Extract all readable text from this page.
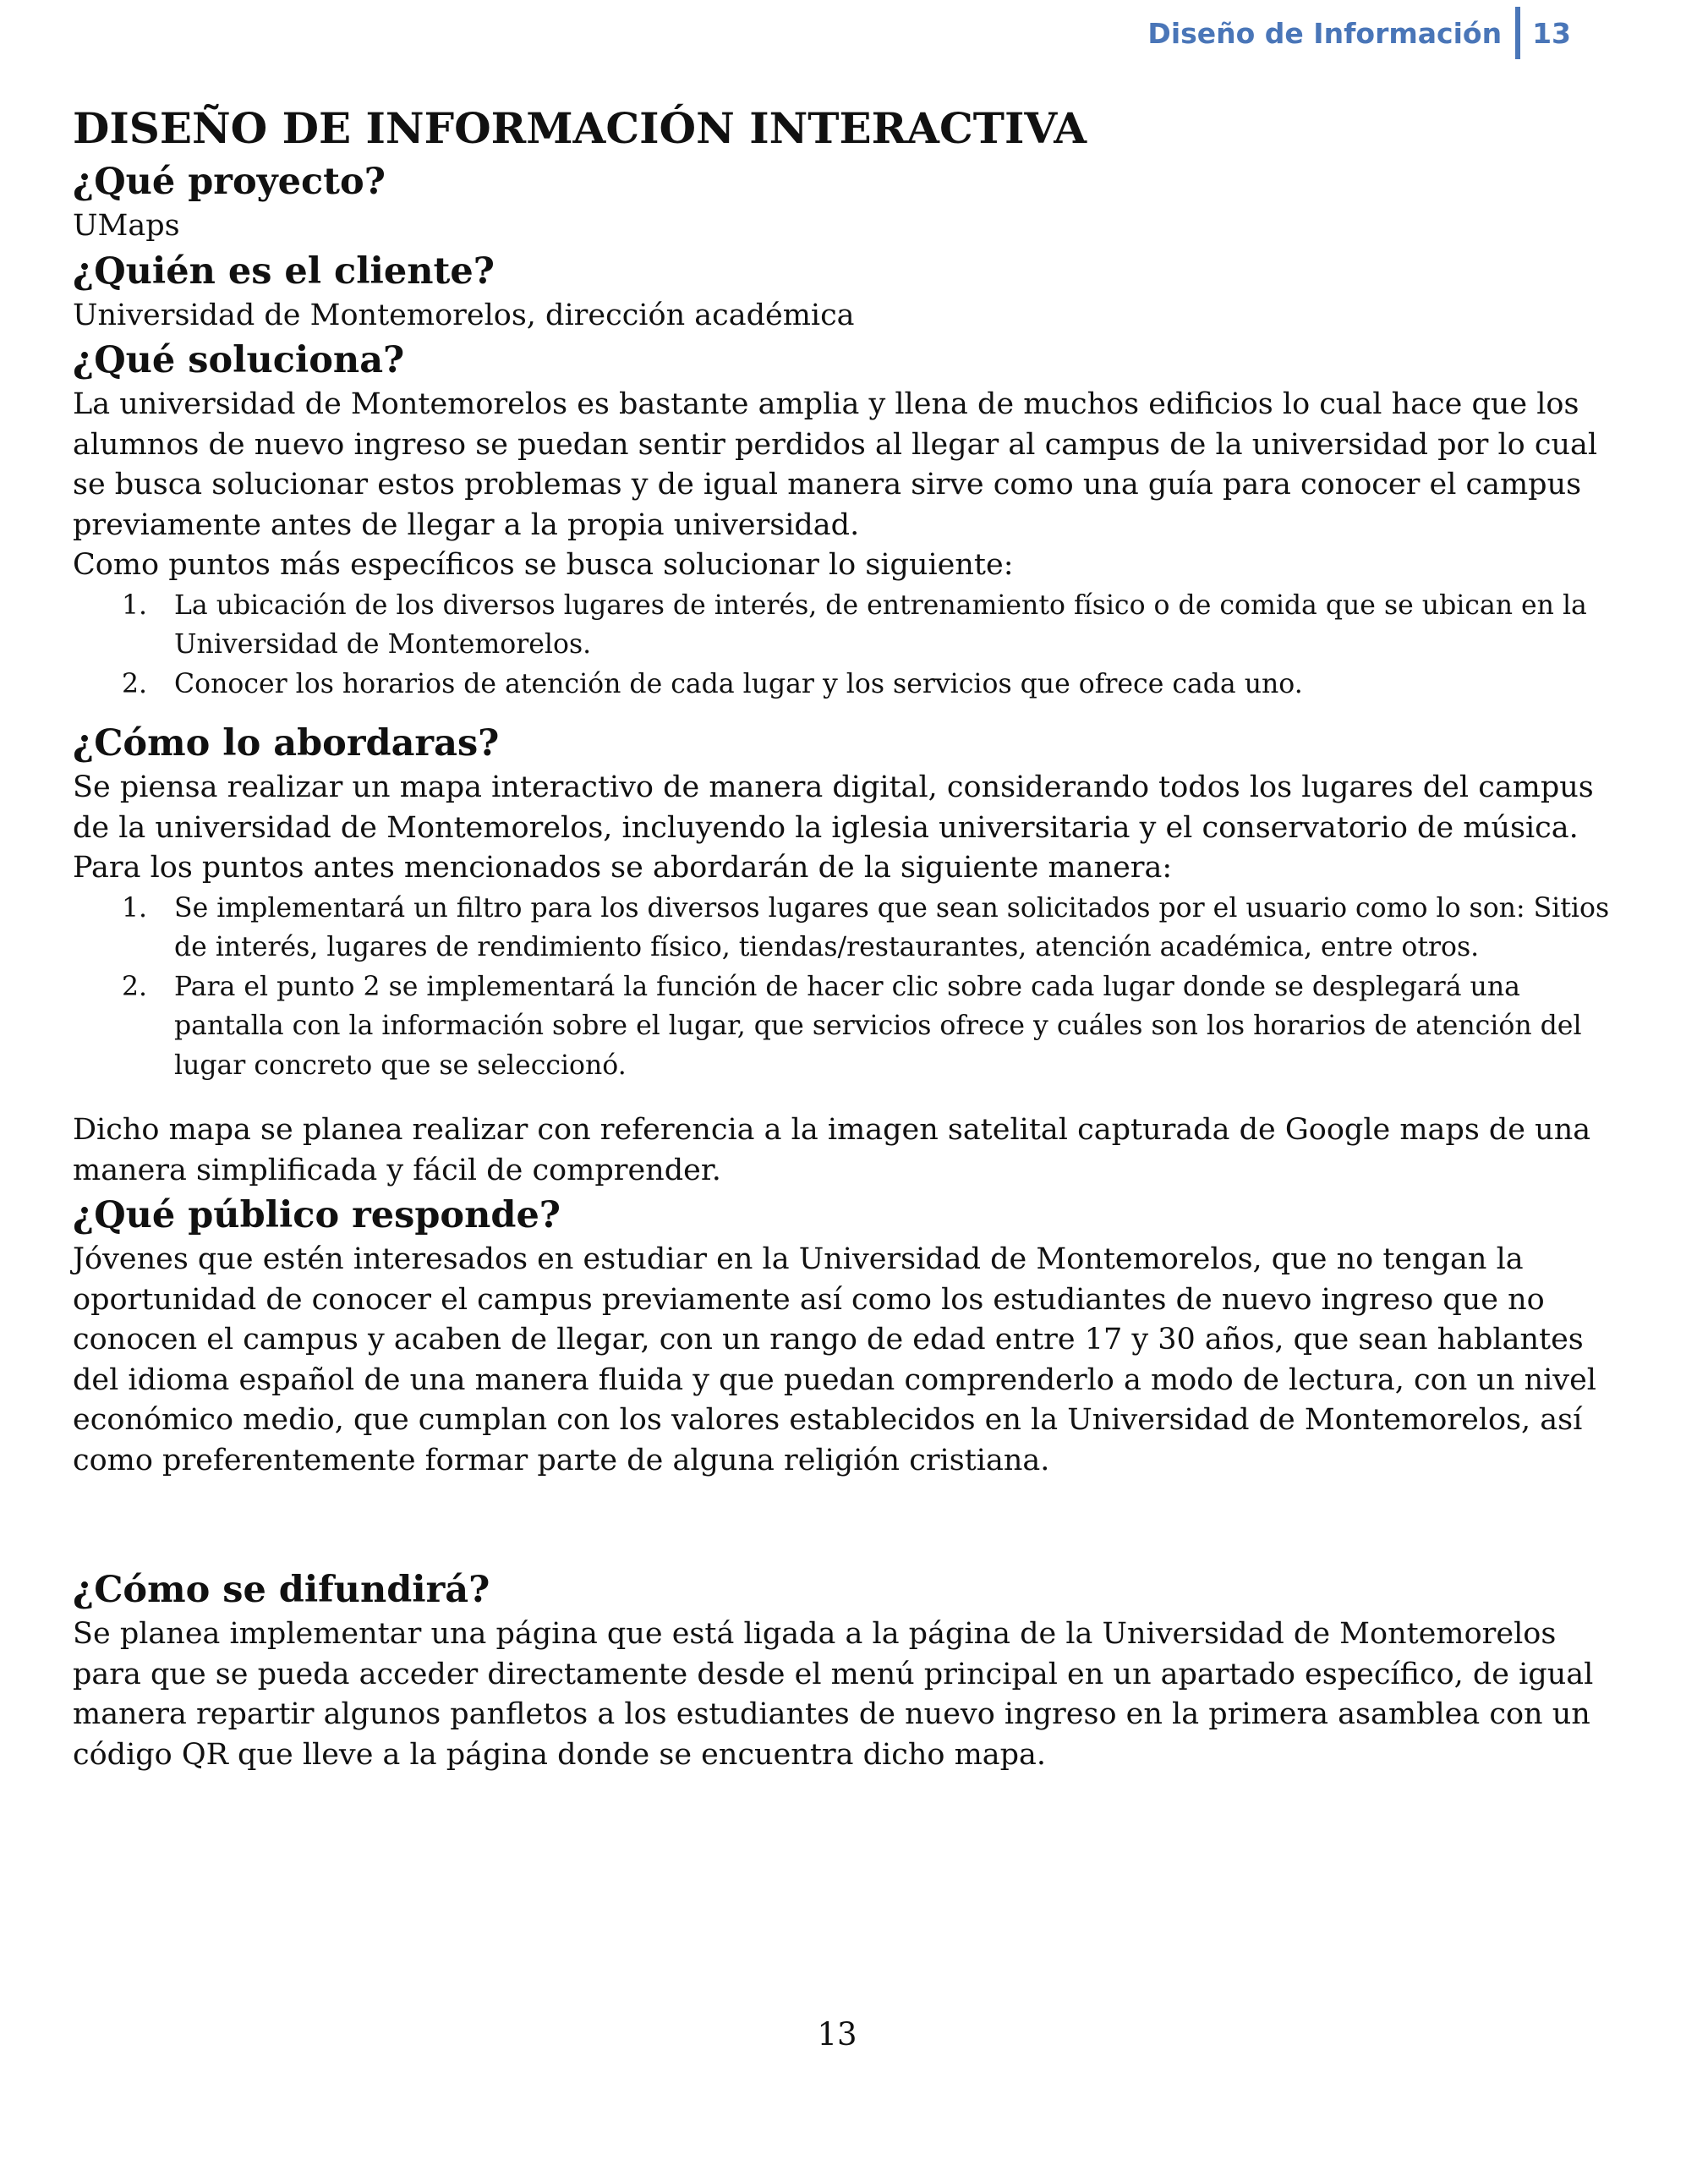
Diseño de Información 13
DISEÑO DE INFORMACIÓN INTERACTIVA
¿Qué proyecto?

UMaps

¿Quién es el cliente?

Universidad de Montemorelos, dirección académica

¿Qué soluciona?

La universidad de Montemorelos es bastante amplia y llena de muchos edificios lo cual hace que los alumnos de nuevo ingreso se puedan sentir perdidos al llegar al campus de la universidad por lo cual se busca solucionar estos problemas y de igual manera sirve como una guía para conocer el campus previamente antes de llegar a la propia universidad.

Como puntos más específicos se busca solucionar lo siguiente:

La ubicación de los diversos lugares de interés, de entrenamiento físico o de comida que se ubican en la Universidad de Montemorelos.
Conocer los horarios de atención de cada lugar y los servicios que ofrece cada uno.
¿Cómo lo abordaras?

Se piensa realizar un mapa interactivo de manera digital, considerando todos los lugares del campus de la universidad de Montemorelos, incluyendo la iglesia universitaria y el conservatorio de música.

Para los puntos antes mencionados se abordarán de la siguiente manera:

Se implementará un filtro para los diversos lugares que sean solicitados por el usuario como lo son: Sitios de interés, lugares de rendimiento físico, tiendas/restaurantes, atención académica, entre otros.
Para el punto 2 se implementará la función de hacer clic sobre cada lugar donde se desplegará una pantalla con la información sobre el lugar, que servicios ofrece y cuáles son los horarios de atención del lugar concreto que se seleccionó.

Dicho mapa se planea realizar con referencia a la imagen satelital capturada de Google maps de una manera simplificada y fácil de comprender.

¿Qué público responde?

Jóvenes que estén interesados en estudiar en la Universidad de Montemorelos, que no tengan la oportunidad de conocer el campus previamente así como los estudiantes de nuevo ingreso que no conocen el campus y acaben de llegar, con un rango de edad entre 17 y 30 años, que sean hablantes del idioma español de una manera fluida y que puedan comprenderlo a modo de lectura, con un nivel económico medio, que cumplan con los valores establecidos en la Universidad de Montemorelos, así como preferentemente formar parte de alguna religión cristiana.

¿Cómo se difundirá?

Se planea implementar una página que está ligada a la página de la Universidad de Montemorelos para que se pueda acceder directamente desde el menú principal en un apartado específico, de igual manera repartir algunos panfletos a los estudiantes de nuevo ingreso en la primera asamblea con un código QR que lleve a la página donde se encuentra dicho mapa.

13
